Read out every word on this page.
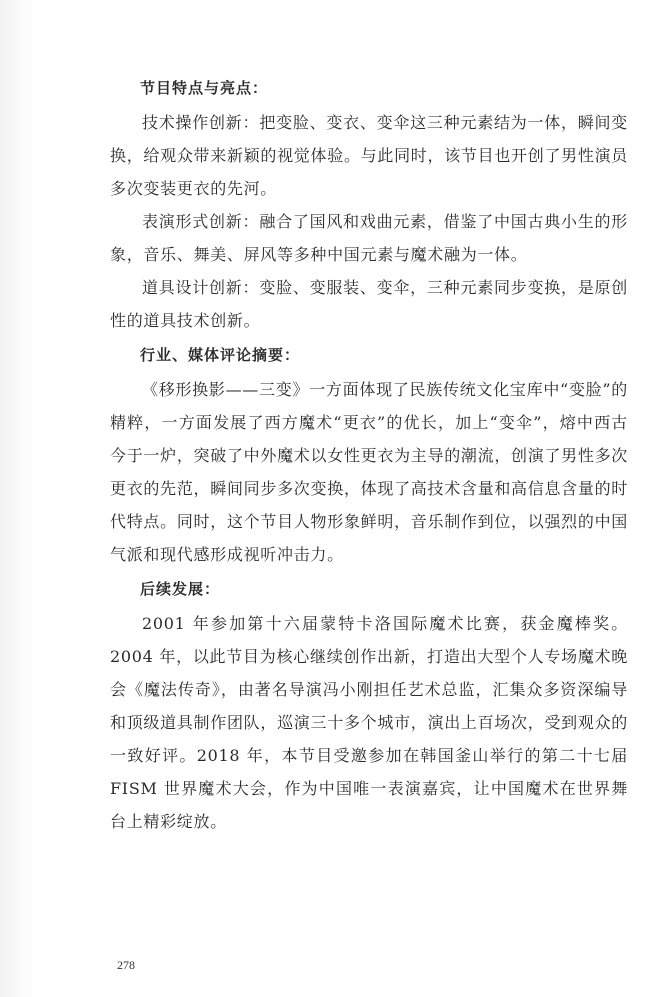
节目特点与亮点：

技术操作创新：把变脸、变衣、变伞这三种元素结为一体，瞬间变换，给观众带来新颖的视觉体验。与此同时，该节目也开创了男性演员多次变装更衣的先河。

表演形式创新：融合了国风和戏曲元素，借鉴了中国古典小生的形象，音乐、舞美、屏风等多种中国元素与魔术融为一体。

道具设计创新：变脸、变服装、变伞，三种元素同步变换，是原创性的道具技术创新。

行业、媒体评论摘要：

《移形换影——三变》一方面体现了民族传统文化宝库中“变脸”的精粹，一方面发展了西方魔术“更衣”的优长，加上“变伞”，熔中西古今于一炉，突破了中外魔术以女性更衣为主导的潮流，创演了男性多次更衣的先范，瞬间同步多次变换，体现了高技术含量和高信息含量的时代特点。同时，这个节目人物形象鲜明，音乐制作到位，以强烈的中国气派和现代感形成视听冲击力。

后续发展：

2001 年参加第十六届蒙特卡洛国际魔术比赛，获金魔棒奖。2004 年，以此节目为核心继续创作出新，打造出大型个人专场魔术晚会《魔法传奇》，由著名导演冯小刚担任艺术总监，汇集众多资深编导和顶级道具制作团队，巡演三十多个城市，演出上百场次，受到观众的一致好评。2018 年，本节目受邀参加在韩国釜山举行的第二十七届 FISM 世界魔术大会，作为中国唯一表演嘉宾，让中国魔术在世界舞台上精彩绽放。

278
